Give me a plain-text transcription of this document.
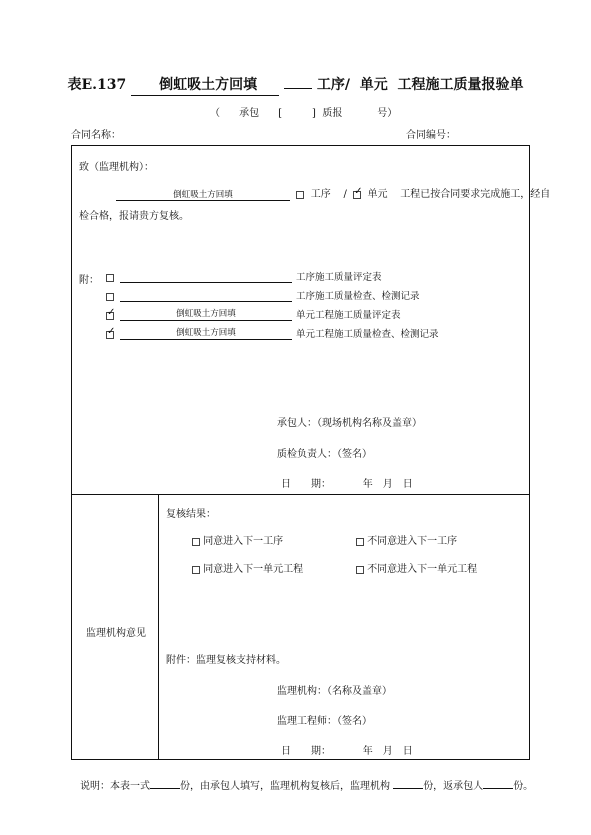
表E.137 倒虹吸土方回填	工序/ 单元 工程施工质量报验单
（ 承包 [　　　] 质报	号）
合同名称：	合同编号：
致（监理机构）：
倒虹吸土方回填	工序 /  ✓ 单元 工程已按合同要求完成施工，经自
检合格，报请贵方复核。
附：	工序施工质量评定表
工序施工质量检查、检测记录
✓倒虹吸土方回填	单元工程施工质量评定表
✓倒虹吸土方回填	单元工程施工质量检查、检测记录
承包人：（现场机构名称及盖章）
质检负责人：（签名）
日　　期：	年　月　日
监理机构意见
复核结果：
同意进入下一工序	不同意进入下一工序
同意进入下一单元工程	不同意进入下一单元工程
附件：监理复核支持材料。
监理机构：（名称及盖章）
监理工程师：（签名）
日　　期：	年　月　日
说明：本表一式	份，由承包人填写，监理机构复核后，监理机构	份，返承包人	份。
